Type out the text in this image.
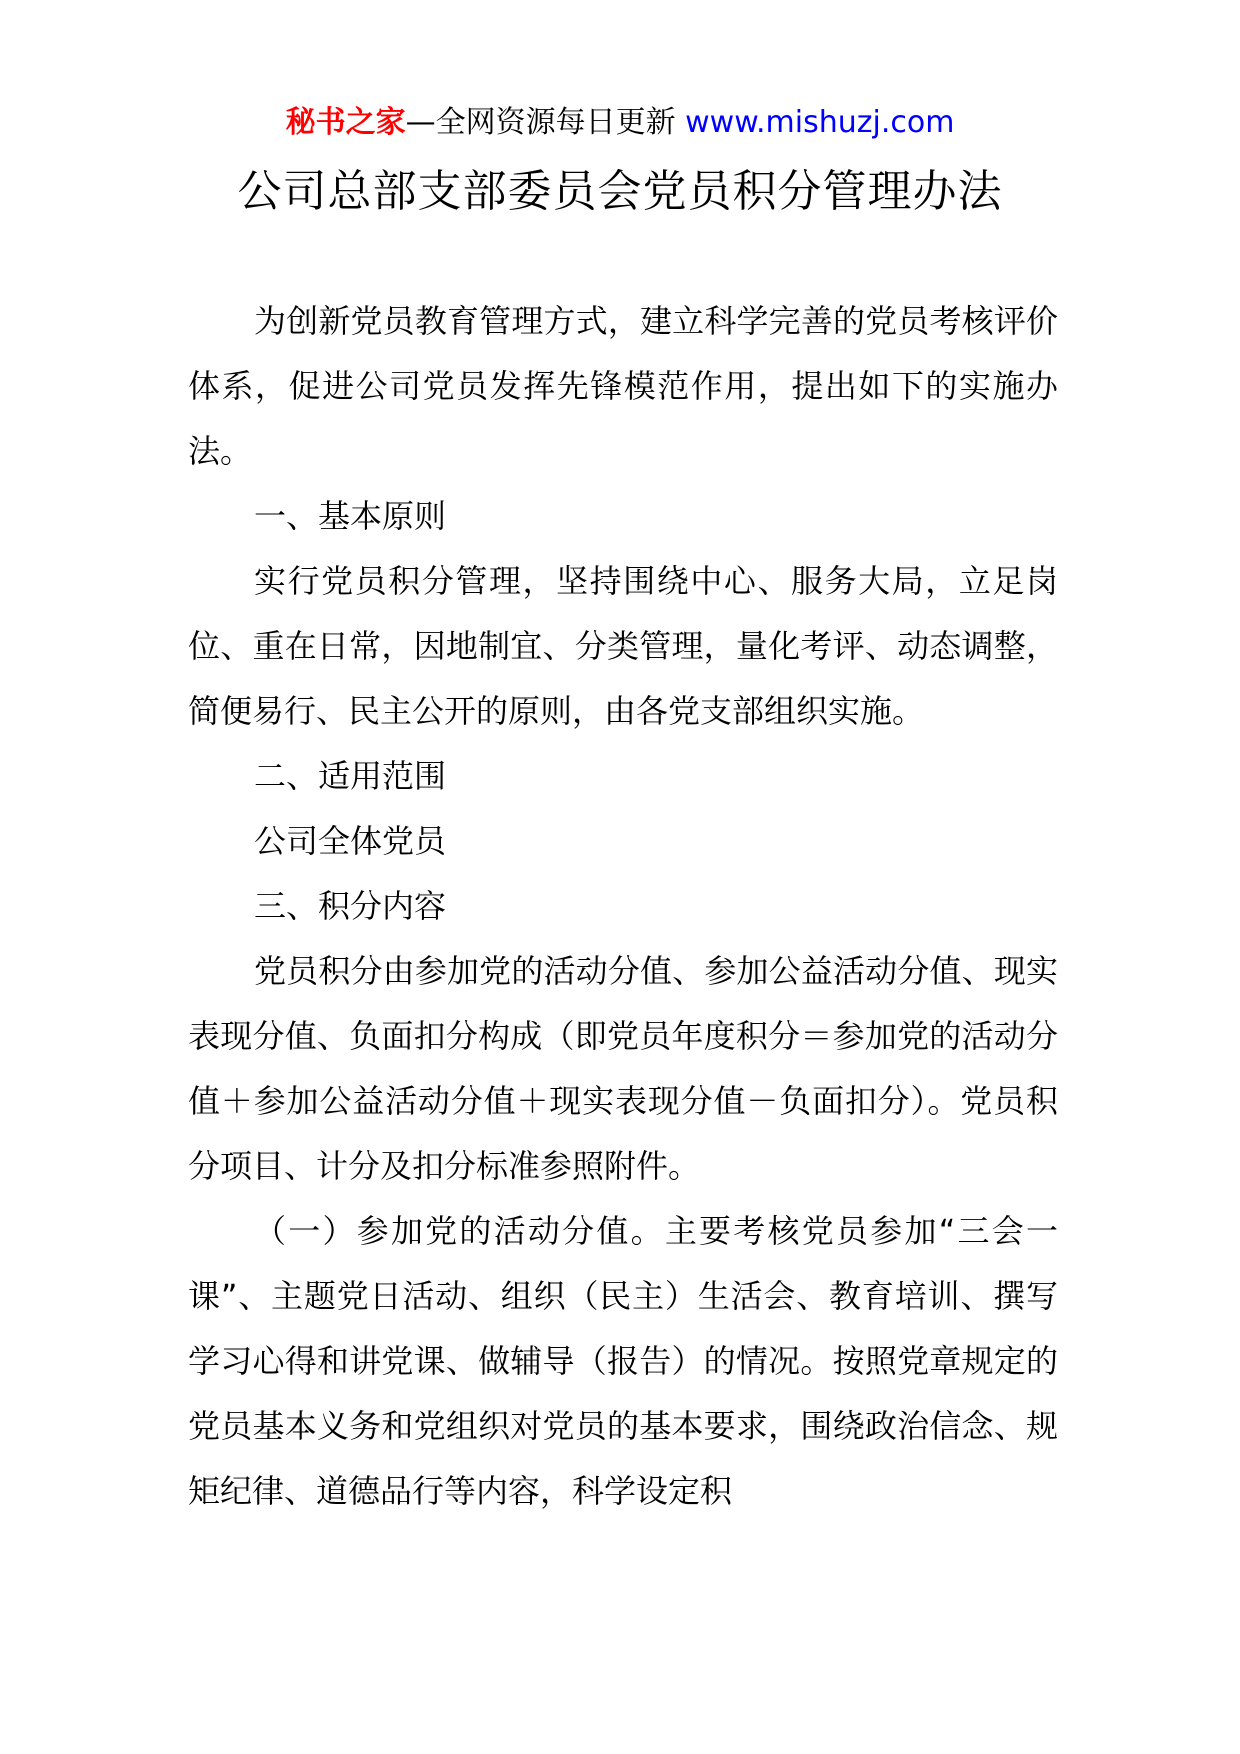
秘书之家—全网资源每日更新 www.mishuzj.com
公司总部支部委员会党员积分管理办法

为创新党员教育管理方式，建立科学完善的党员考核评价体系，促进公司党员发挥先锋模范作用，提出如下的实施办法。

一、基本原则

实行党员积分管理，坚持围绕中心、服务大局，立足岗位、重在日常，因地制宜、分类管理，量化考评、动态调整，简便易行、民主公开的原则，由各党支部组织实施。

二、适用范围

公司全体党员

三、积分内容

党员积分由参加党的活动分值、参加公益活动分值、现实表现分值、负面扣分构成（即党员年度积分＝参加党的活动分值＋参加公益活动分值＋现实表现分值－负面扣分）。党员积分项目、计分及扣分标准参照附件。

（一）参加党的活动分值。主要考核党员参加“三会一课”、主题党日活动、组织（民主）生活会、教育培训、撰写学习心得和讲党课、做辅导（报告）的情况。按照党章规定的党员基本义务和党组织对党员的基本要求，围绕政治信念、规矩纪律、道德品行等内容，科学设定积
